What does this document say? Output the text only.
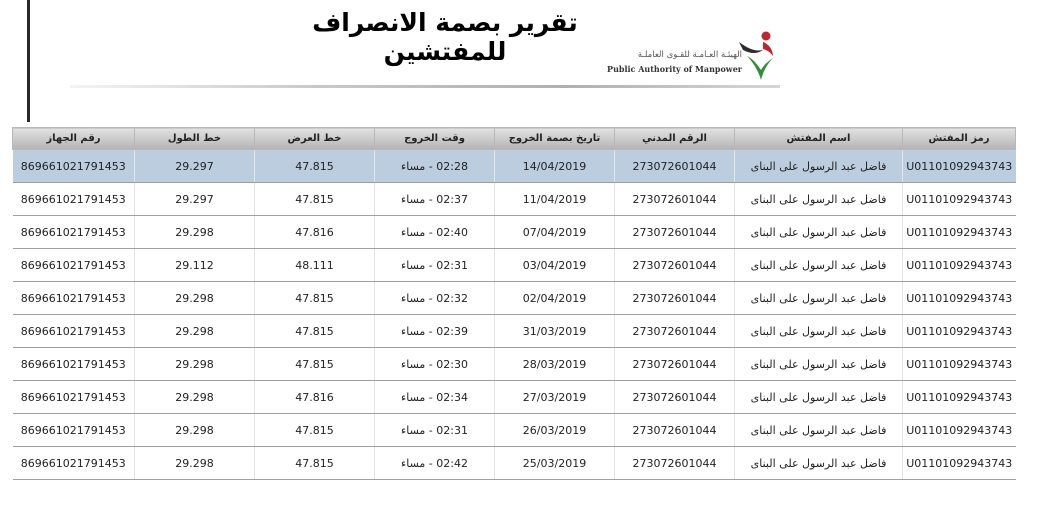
تقرير بصمة الانصراف للمفتشين	الهيئـة العـامـة للقـوى العاملـة
Public Authority of Manpower
رقم الجهاز	خط الطول	خط العرض	وقت الخروج	تاريخ بصمة الخروج	الرقم المدني	اسم المفتش	رمز المفتش
869661021791453	29.297	47.815	02:28 - مساء	14/04/2019	273072601044	فاضل عبد الرسول على البناى	U01101092943743
869661021791453	29.297	47.815	02:37 - مساء	11/04/2019	273072601044	فاضل عبد الرسول على البناى	U01101092943743
869661021791453	29.298	47.816	02:40 - مساء	07/04/2019	273072601044	فاضل عبد الرسول على البناى	U01101092943743
869661021791453	29.112	48.111	02:31 - مساء	03/04/2019	273072601044	فاضل عبد الرسول على البناى	U01101092943743
869661021791453	29.298	47.815	02:32 - مساء	02/04/2019	273072601044	فاضل عبد الرسول على البناى	U01101092943743
869661021791453	29.298	47.815	02:39 - مساء	31/03/2019	273072601044	فاضل عبد الرسول على البناى	U01101092943743
869661021791453	29.298	47.815	02:30 - مساء	28/03/2019	273072601044	فاضل عبد الرسول على البناى	U01101092943743
869661021791453	29.298	47.816	02:34 - مساء	27/03/2019	273072601044	فاضل عبد الرسول على البناى	U01101092943743
869661021791453	29.298	47.815	02:31 - مساء	26/03/2019	273072601044	فاضل عبد الرسول على البناى	U01101092943743
869661021791453	29.298	47.815	02:42 - مساء	25/03/2019	273072601044	فاضل عبد الرسول على البناى	U01101092943743
